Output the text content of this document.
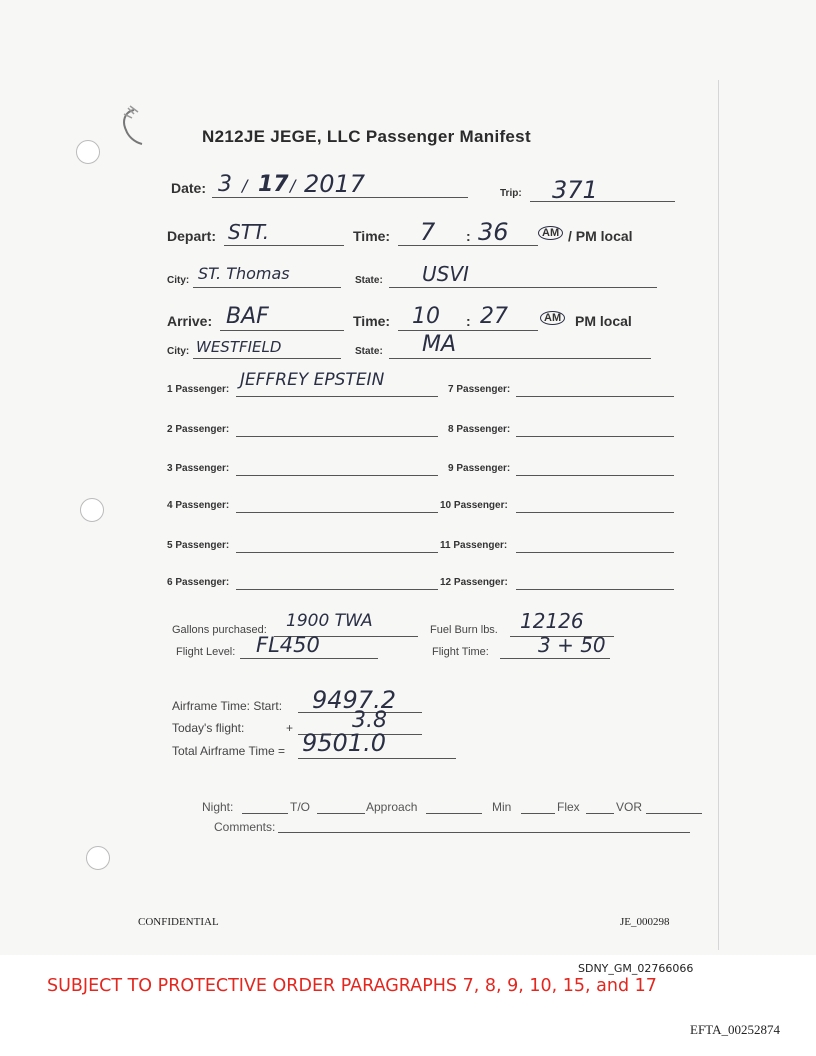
N212JE JEGE, LLC Passenger Manifest
Date: 3 / 17 / 2017	Trip: 371
Depart: STT.	Time: 7 : 36	AM / PM local
City: ST. Thomas	State: USVI
Arrive: BAF	Time: 10 : 27	AM PM local
City: WESTFIELD	State: MA
1 Passenger: JEFFREY EPSTEIN
2 Passenger:
3 Passenger:
4 Passenger:
5 Passenger:
6 Passenger:
7 Passenger:
8 Passenger:
9 Passenger:
10 Passenger:
11 Passenger:
12 Passenger:
Gallons purchased: 1900 TWA	Fuel Burn lbs. 12126
Flight Level: FL450	Flight Time: 3 + 50
Airframe Time: Start: 9497.2
Today's flight:	+	3.8
Total Airframe Time = 9501.0
Night:	T/O	Approach	Min	Flex	VOR
Comments:
CONFIDENTIAL	JE_000298
SDNY_GM_02766066
SUBJECT TO PROTECTIVE ORDER PARAGRAPHS 7, 8, 9, 10, 15, and 17
EFTA_00252874
